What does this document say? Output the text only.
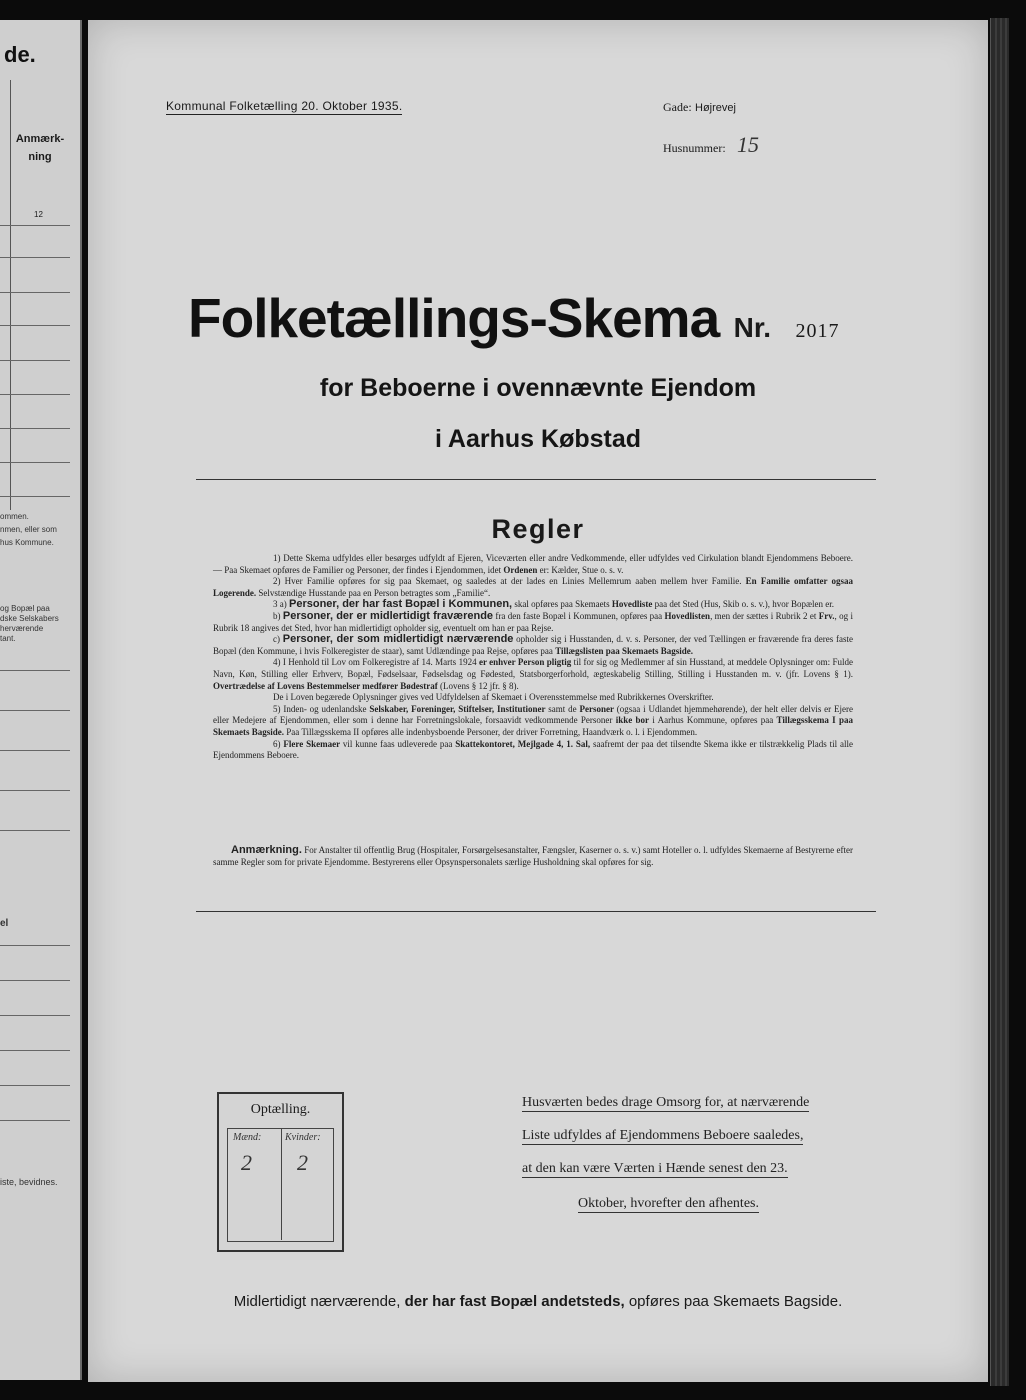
de.
Anmærk-
ning
12
ommen.
nmen, eller som
hus Kommune.
og Bopæl paa
dske Selskabers
herværende
tant.
el
iste, bevidnes.
Kommunal Folketælling 20. Oktober 1935.	Gade: Højrevej
Husnummer: 15
Folketællings-Skema Nr. 2017
for Beboerne i ovennævnte Ejendom
i Aarhus Købstad
Regler

1) Dette Skema udfyldes eller besørges udfyldt af Ejeren, Viceværten eller andre Vedkommende, eller udfyldes ved Cirkulation blandt Ejendommens Beboere. — Paa Skemaet opføres de Familier og Personer, der findes i Ejendommen, idet Ordenen er: Kælder, Stue o. s. v.

2) Hver Familie opføres for sig paa Skemaet, og saaledes at der lades en Linies Mellemrum aaben mellem hver Familie. En Familie omfatter ogsaa Logerende. Selvstændige Husstande paa en Person betragtes som „Familie“.

3 a) Personer, der har fast Bopæl i Kommunen, skal opføres paa Skemaets Hovedliste paa det Sted (Hus, Skib o. s. v.), hvor Bopælen er.

b) Personer, der er midlertidigt fraværende fra den faste Bopæl i Kommunen, opføres paa Hovedlisten, men der sættes i Rubrik 2 et Frv., og i Rubrik 18 angives det Sted, hvor han midlertidigt opholder sig, eventuelt om han er paa Rejse.

c) Personer, der som midlertidigt nærværende opholder sig i Husstanden, d. v. s. Personer, der ved Tællingen er fraværende fra deres faste Bopæl (den Kommune, i hvis Folkeregister de staar), samt Udlændinge paa Rejse, opføres paa Tillægslisten paa Skemaets Bagside.

4) I Henhold til Lov om Folkeregistre af 14. Marts 1924 er enhver Person pligtig til for sig og Medlemmer af sin Husstand, at meddele Oplysninger om: Fulde Navn, Køn, Stilling eller Erhverv, Bopæl, Fødselsaar, Fødselsdag og Fødested, Statsborgerforhold, ægteskabelig Stilling, Stilling i Husstanden m. v. (jfr. Lovens § 1). Overtrædelse af Lovens Bestemmelser medfører Bødestraf (Lovens § 12 jfr. § 8).

De i Loven begærede Oplysninger gives ved Udfyldelsen af Skemaet i Overensstemmelse med Rubrikkernes Overskrifter.

5) Inden- og udenlandske Selskaber, Foreninger, Stiftelser, Institutioner samt de Personer (ogsaa i Udlandet hjemmehørende), der helt eller delvis er Ejere eller Medejere af Ejendommen, eller som i denne har Forretningslokale, forsaavidt vedkommende Personer ikke bor i Aarhus Kommune, opføres paa Tillægsskema I paa Skemaets Bagside. Paa Tillægsskema II opføres alle indenbysboende Personer, der driver Forretning, Haandværk o. l. i Ejendommen.

6) Flere Skemaer vil kunne faas udleverede paa Skattekontoret, Mejlgade 4, 1. Sal, saafremt der paa det tilsendte Skema ikke er tilstrækkelig Plads til alle Ejendommens Beboere.

Anmærkning. For Anstalter til offentlig Brug (Hospitaler, Forsørgelsesanstalter, Fængsler, Kaserner o. s. v.) samt Hoteller o. l. udfyldes Skemaerne af Bestyrerne efter samme Regler som for private Ejendomme. Bestyrerens eller Opsynspersonalets særlige Husholdning skal opføres for sig.
Optælling.
Mænd: Kvinder:
2 2
Husværten bedes drage Omsorg for, at nærværende
Liste udfyldes af Ejendommens Beboere saaledes,
at den kan være Værten i Hænde senest den 23.
Oktober, hvorefter den afhentes.
Midlertidigt nærværende, der har fast Bopæl andetsteds, opføres paa Skemaets Bagside.
